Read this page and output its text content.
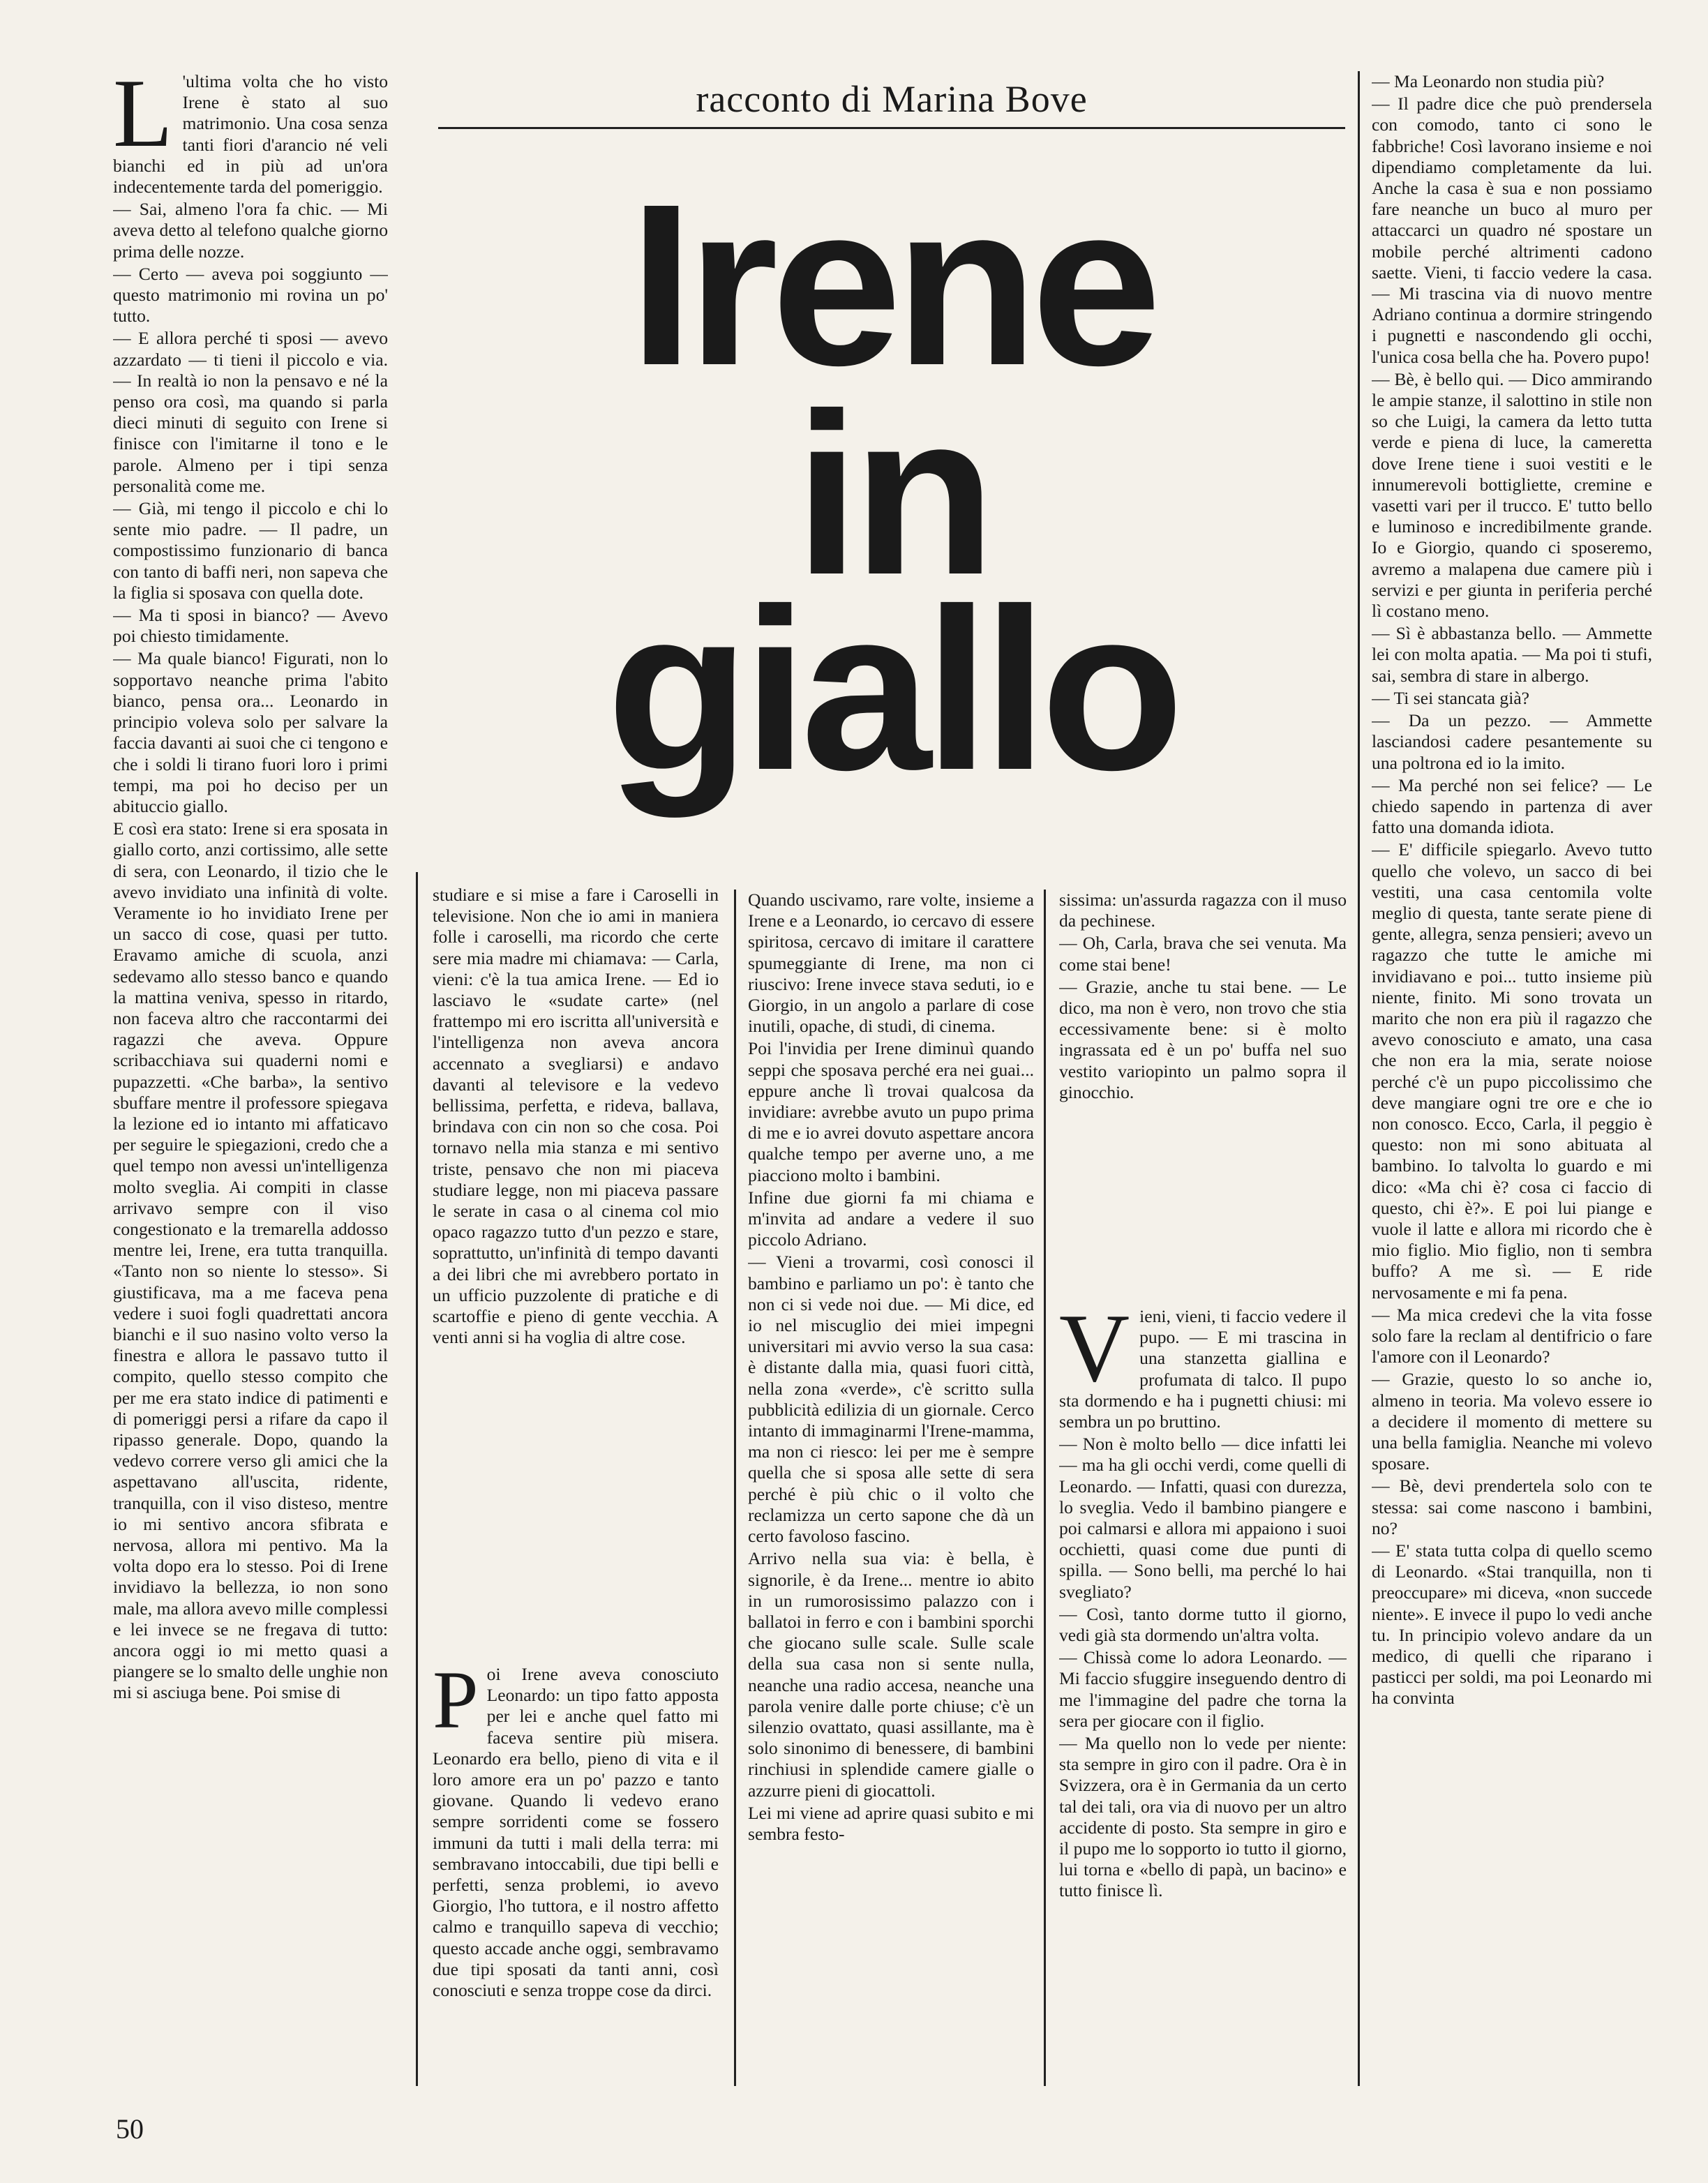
L 'ultima volta che ho visto Irene è stato al suo matrimonio. Una cosa senza tanti fiori d'arancio né veli bianchi ed in più ad un'ora indecentemente tarda del pomeriggio.

— Sai, almeno l'ora fa chic. — Mi aveva detto al telefono qualche giorno prima delle nozze.

— Certo — aveva poi soggiunto — questo matrimonio mi rovina un po' tutto.

— E allora perché ti sposi — avevo azzardato — ti tieni il piccolo e via. — In realtà io non la pensavo e né la penso ora così, ma quando si parla dieci minuti di seguito con Irene si finisce con l'imitarne il tono e le parole. Almeno per i tipi senza personalità come me.

— Già, mi tengo il piccolo e chi lo sente mio padre. — Il padre, un compostissimo funzionario di banca con tanto di baffi neri, non sapeva che la figlia si sposava con quella dote.

— Ma ti sposi in bianco? — Avevo poi chiesto timidamente.

— Ma quale bianco! Figurati, non lo sopportavo neanche prima l'abito bianco, pensa ora... Leonardo in principio voleva solo per salvare la faccia davanti ai suoi che ci tengono e che i soldi li tirano fuori loro i primi tempi, ma poi ho deciso per un abituccio giallo.

E così era stato: Irene si era sposata in giallo corto, anzi cortissimo, alle sette di sera, con Leonardo, il tizio che le avevo invidiato una infinità di volte. Veramente io ho invidiato Irene per un sacco di cose, quasi per tutto. Eravamo amiche di scuola, anzi sedevamo allo stesso banco e quando la mattina veniva, spesso in ritardo, non faceva altro che raccontarmi dei ragazzi che aveva. Oppure scribacchiava sui quaderni nomi e pupazzetti. «Che barba», la sentivo sbuffare mentre il professore spiegava la lezione ed io intanto mi affaticavo per seguire le spiegazioni, credo che a quel tempo non avessi un'intelligenza molto sveglia. Ai compiti in classe arrivavo sempre con il viso congestionato e la tremarella addosso mentre lei, Irene, era tutta tranquilla. «Tanto non so niente lo stesso». Si giustificava, ma a me faceva pena vedere i suoi fogli quadrettati ancora bianchi e il suo nasino volto verso la finestra e allora le passavo tutto il compito, quello stesso compito che per me era stato indice di patimenti e di pomeriggi persi a rifare da capo il ripasso generale. Dopo, quando la vedevo correre verso gli amici che la aspettavano all'uscita, ridente, tranquilla, con il viso disteso, mentre io mi sentivo ancora sfibrata e nervosa, allora mi pentivo. Ma la volta dopo era lo stesso. Poi di Irene invidiavo la bellezza, io non sono male, ma allora avevo mille complessi e lei invece se ne fregava di tutto: ancora oggi io mi metto quasi a piangere se lo smalto delle unghie non mi si asciuga bene. Poi smise di

racconto di Marina Bove
Irene
in
giallo

studiare e si mise a fare i Caroselli in televisione. Non che io ami in maniera folle i caroselli, ma ricordo che certe sere mia madre mi chiamava: — Carla, vieni: c'è la tua amica Irene. — Ed io lasciavo le «sudate carte» (nel frattempo mi ero iscritta all'università e l'intelligenza non aveva ancora accennato a svegliarsi) e andavo davanti al televisore e la vedevo bellissima, perfetta, e rideva, ballava, brindava con cin non so che cosa. Poi tornavo nella mia stanza e mi sentivo triste, pensavo che non mi piaceva studiare legge, non mi piaceva passare le serate in casa o al cinema col mio opaco ragazzo tutto d'un pezzo e stare, soprattutto, un'infinità di tempo davanti a dei libri che mi avrebbero portato in un ufficio puzzolente di pratiche e di scartoffie e pieno di gente vecchia. A venti anni si ha voglia di altre cose.

P oi Irene aveva conosciuto Leonardo: un tipo fatto apposta per lei e anche quel fatto mi faceva sentire più misera. Leonardo era bello, pieno di vita e il loro amore era un po' pazzo e tanto giovane. Quando li vedevo erano sempre sorridenti come se fossero immuni da tutti i mali della terra: mi sembravano intoccabili, due tipi belli e perfetti, senza problemi, io avevo Giorgio, l'ho tuttora, e il nostro affetto calmo e tranquillo sapeva di vecchio; questo accade anche oggi, sembravamo due tipi sposati da tanti anni, così conosciuti e senza troppe cose da dirci.

Quando uscivamo, rare volte, insieme a Irene e a Leonardo, io cercavo di essere spiritosa, cercavo di imitare il carattere spumeggiante di Irene, ma non ci riuscivo: Irene invece stava seduti, io e Giorgio, in un angolo a parlare di cose inutili, opache, di studi, di cinema.

Poi l'invidia per Irene diminuì quando seppi che sposava perché era nei guai... eppure anche lì trovai qualcosa da invidiare: avrebbe avuto un pupo prima di me e io avrei dovuto aspettare ancora qualche tempo per averne uno, a me piacciono molto i bambini.

Infine due giorni fa mi chiama e m'invita ad andare a vedere il suo piccolo Adriano.

— Vieni a trovarmi, così conosci il bambino e parliamo un po': è tanto che non ci si vede noi due. — Mi dice, ed io nel miscuglio dei miei impegni universitari mi avvio verso la sua casa: è distante dalla mia, quasi fuori città, nella zona «verde», c'è scritto sulla pubblicità edilizia di un giornale. Cerco intanto di immaginarmi l'Irene-mamma, ma non ci riesco: lei per me è sempre quella che si sposa alle sette di sera perché è più chic o il volto che reclamizza un certo sapone che dà un certo favoloso fascino.

Arrivo nella sua via: è bella, è signorile, è da Irene... mentre io abito in un rumorosissimo palazzo con i ballatoi in ferro e con i bambini sporchi che giocano sulle scale. Sulle scale della sua casa non si sente nulla, neanche una radio accesa, neanche una parola venire dalle porte chiuse; c'è un silenzio ovattato, quasi assillante, ma è solo sinonimo di benessere, di bambini rinchiusi in splendide camere gialle o azzurre pieni di giocattoli.

Lei mi viene ad aprire quasi subito e mi sembra festo-

sissima: un'assurda ragazza con il muso da pechinese.

— Oh, Carla, brava che sei venuta. Ma come stai bene!

— Grazie, anche tu stai bene. — Le dico, ma non è vero, non trovo che stia eccessivamente bene: si è molto ingrassata ed è un po' buffa nel suo vestito variopinto un palmo sopra il ginocchio.

V ieni, vieni, ti faccio vedere il pupo. — E mi trascina in una stanzetta giallina e profumata di talco. Il pupo sta dormendo e ha i pugnetti chiusi: mi sembra un po bruttino.

— Non è molto bello — dice infatti lei — ma ha gli occhi verdi, come quelli di Leonardo. — Infatti, quasi con durezza, lo sveglia. Vedo il bambino piangere e poi calmarsi e allora mi appaiono i suoi occhietti, quasi come due punti di spilla. — Sono belli, ma perché lo hai svegliato?

— Così, tanto dorme tutto il giorno, vedi già sta dormendo un'altra volta.

— Chissà come lo adora Leonardo. — Mi faccio sfuggire inseguendo dentro di me l'immagine del padre che torna la sera per giocare con il figlio.

— Ma quello non lo vede per niente: sta sempre in giro con il padre. Ora è in Svizzera, ora è in Germania da un certo tal dei tali, ora via di nuovo per un altro accidente di posto. Sta sempre in giro e il pupo me lo sopporto io tutto il giorno, lui torna e «bello di papà, un bacino» e tutto finisce lì.

— Ma Leonardo non studia più?

— Il padre dice che può prendersela con comodo, tanto ci sono le fabbriche! Così lavorano insieme e noi dipendiamo completamente da lui. Anche la casa è sua e non possiamo fare neanche un buco al muro per attaccarci un quadro né spostare un mobile perché altrimenti cadono saette. Vieni, ti faccio vedere la casa. — Mi trascina via di nuovo mentre Adriano continua a dormire stringendo i pugnetti e nascondendo gli occhi, l'unica cosa bella che ha. Povero pupo!

— Bè, è bello qui. — Dico ammirando le ampie stanze, il salottino in stile non so che Luigi, la camera da letto tutta verde e piena di luce, la cameretta dove Irene tiene i suoi vestiti e le innumerevoli bottigliette, cremine e vasetti vari per il trucco. E' tutto bello e luminoso e incredibilmente grande. Io e Giorgio, quando ci sposeremo, avremo a malapena due camere più i servizi e per giunta in periferia perché lì costano meno.

— Sì è abbastanza bello. — Ammette lei con molta apatia. — Ma poi ti stufi, sai, sembra di stare in albergo.

— Ti sei stancata già?

— Da un pezzo. — Ammette lasciandosi cadere pesantemente su una poltrona ed io la imito.

— Ma perché non sei felice? — Le chiedo sapendo in partenza di aver fatto una domanda idiota.

— E' difficile spiegarlo. Avevo tutto quello che volevo, un sacco di bei vestiti, una casa centomila volte meglio di questa, tante serate piene di gente, allegra, senza pensieri; avevo un ragazzo che tutte le amiche mi invidiavano e poi... tutto insieme più niente, finito. Mi sono trovata un marito che non era più il ragazzo che avevo conosciuto e amato, una casa che non era la mia, serate noiose perché c'è un pupo piccolissimo che deve mangiare ogni tre ore e che io non conosco. Ecco, Carla, il peggio è questo: non mi sono abituata al bambino. Io talvolta lo guardo e mi dico: «Ma chi è? cosa ci faccio di questo, chi è?». E poi lui piange e vuole il latte e allora mi ricordo che è mio figlio. Mio figlio, non ti sembra buffo? A me sì. — E ride nervosamente e mi fa pena.

— Ma mica credevi che la vita fosse solo fare la reclam al dentifricio o fare l'amore con il Leonardo?

— Grazie, questo lo so anche io, almeno in teoria. Ma volevo essere io a decidere il momento di mettere su una bella famiglia. Neanche mi volevo sposare.

— Bè, devi prendertela solo con te stessa: sai come nascono i bambini, no?

— E' stata tutta colpa di quello scemo di Leonardo. «Stai tranquilla, non ti preoccupare» mi diceva, «non succede niente». E invece il pupo lo vedi anche tu. In principio volevo andare da un medico, di quelli che riparano i pasticci per soldi, ma poi Leonardo mi ha convinta

50
